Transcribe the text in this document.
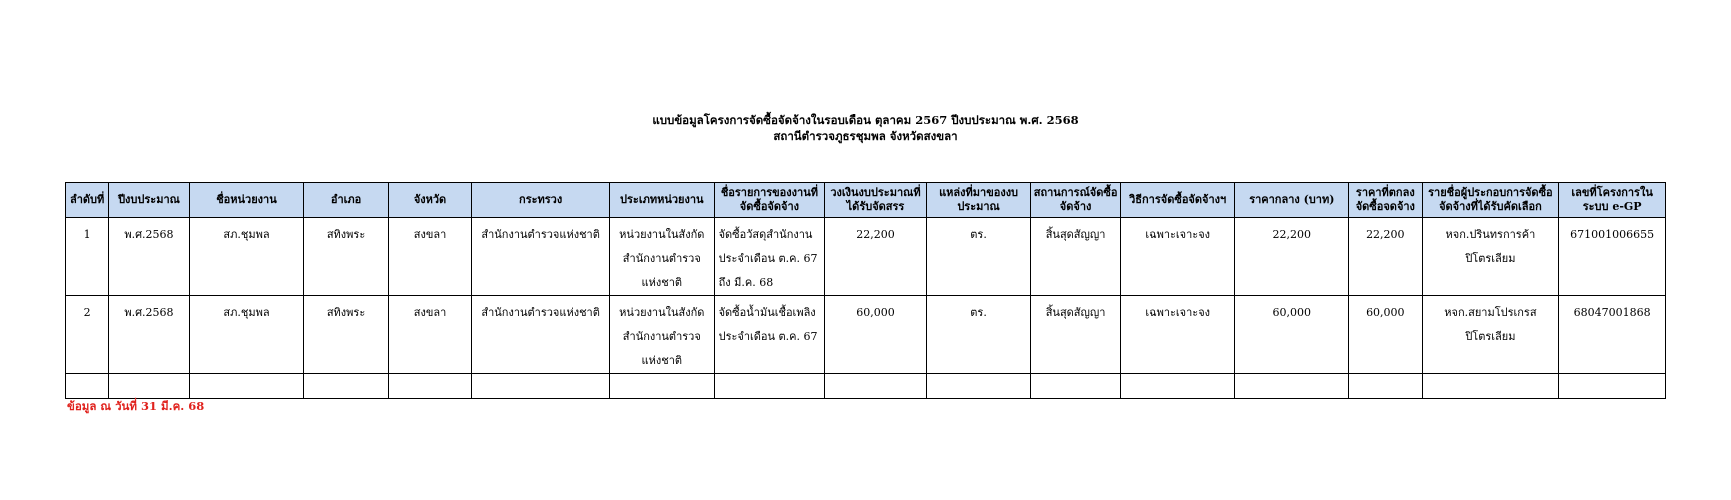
แบบข้อมูลโครงการจัดซื้อจัดจ้างในรอบเดือน ตุลาคม 2567 ปีงบประมาณ พ.ศ. 2568
สถานีตำรวจภูธรชุมพล จังหวัดสงขลา
ลำดับที่	ปีงบประมาณ	ชื่อหน่วยงาน	อำเภอ	จังหวัด	กระทรวง	ประเภทหน่วยงาน	ชื่อรายการของงานที่จัดซื้อจัดจ้าง	วงเงินงบประมาณที่ได้รับจัดสรร	แหล่งที่มาของงบประมาณ	สถานการณ์จัดซื้อจัดจ้าง	วิธีการจัดซื้อจัดจ้างฯ	ราคากลาง (บาท)	ราคาที่ตกลงจัดซื้อจดจ้าง	รายชื่อผู้ประกอบการจัดซื้อจัดจ้างที่ได้รับคัดเลือก	เลขที่โครงการในระบบ e-GP
1	พ.ศ.2568	สภ.ชุมพล	สทิงพระ	สงขลา	สำนักงานตำรวจแห่งชาติ	หน่วยงานในสังกัดสำนักงานตำรวจแห่งชาติ	จัดซื้อวัสดุสำนักงานประจำเดือน ต.ค. 67 ถึง มี.ค. 68	22,200	ตร.	สิ้นสุดสัญญา	เฉพาะเจาะจง	22,200	22,200	หจก.ปรินทรการค้าปิโตรเลียม	671001006655
2	พ.ศ.2568	สภ.ชุมพล	สทิงพระ	สงขลา	สำนักงานตำรวจแห่งชาติ	หน่วยงานในสังกัดสำนักงานตำรวจแห่งชาติ	จัดซื้อน้ำมันเชื้อเพลิงประจำเดือน ต.ค. 67	60,000	ตร.	สิ้นสุดสัญญา	เฉพาะเจาะจง	60,000	60,000	หจก.สยามโปรเกรสปิโตรเลียม	68047001868

ข้อมูล ณ วันที่ 31 มี.ค. 68
